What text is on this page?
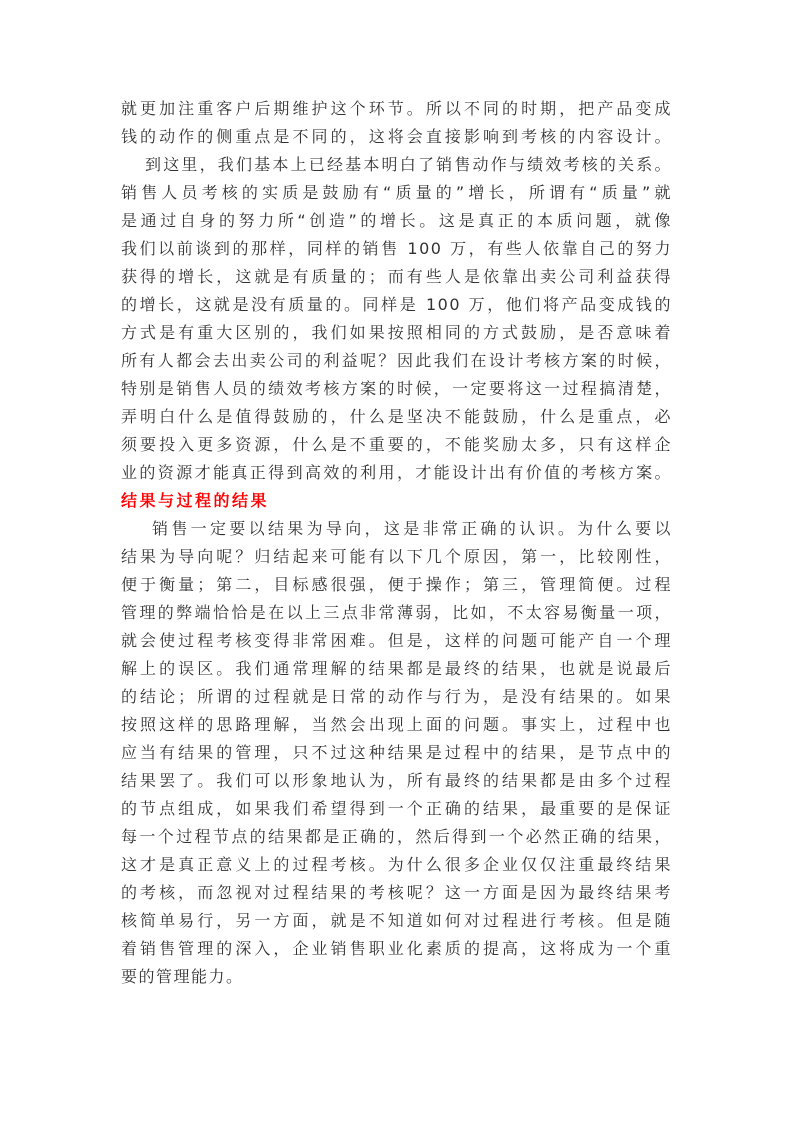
就更加注重客户后期维护这个环节。所以不同的时期，把产品变成
钱的动作的侧重点是不同的，这将会直接影响到考核的内容设计。
到这里，我们基本上已经基本明白了销售动作与绩效考核的关系。
销售人员考核的实质是鼓励有“质量的”增长，所谓有“质量”就
是通过自身的努力所“创造”的增长。这是真正的本质问题，就像
我们以前谈到的那样，同样的销售 100 万，有些人依靠自己的努力
获得的增长，这就是有质量的；而有些人是依靠出卖公司利益获得
的增长，这就是没有质量的。同样是 100 万，他们将产品变成钱的
方式是有重大区别的，我们如果按照相同的方式鼓励，是否意味着
所有人都会去出卖公司的利益呢？因此我们在设计考核方案的时候，
特别是销售人员的绩效考核方案的时候，一定要将这一过程搞清楚，
弄明白什么是值得鼓励的，什么是坚决不能鼓励，什么是重点，必
须要投入更多资源，什么是不重要的，不能奖励太多，只有这样企
业的资源才能真正得到高效的利用，才能设计出有价值的考核方案。
结果与过程的结果
销售一定要以结果为导向，这是非常正确的认识。为什么要以
结果为导向呢？归结起来可能有以下几个原因，第一，比较刚性，
便于衡量；第二，目标感很强，便于操作；第三，管理简便。过程
管理的弊端恰恰是在以上三点非常薄弱，比如，不太容易衡量一项，
就会使过程考核变得非常困难。但是，这样的问题可能产自一个理
解上的误区。我们通常理解的结果都是最终的结果，也就是说最后
的结论；所谓的过程就是日常的动作与行为，是没有结果的。如果
按照这样的思路理解，当然会出现上面的问题。事实上，过程中也
应当有结果的管理，只不过这种结果是过程中的结果，是节点中的
结果罢了。我们可以形象地认为，所有最终的结果都是由多个过程
的节点组成，如果我们希望得到一个正确的结果，最重要的是保证
每一个过程节点的结果都是正确的，然后得到一个必然正确的结果，
这才是真正意义上的过程考核。为什么很多企业仅仅注重最终结果
的考核，而忽视对过程结果的考核呢？这一方面是因为最终结果考
核简单易行，另一方面，就是不知道如何对过程进行考核。但是随
着销售管理的深入，企业销售职业化素质的提高，这将成为一个重
要的管理能力。
